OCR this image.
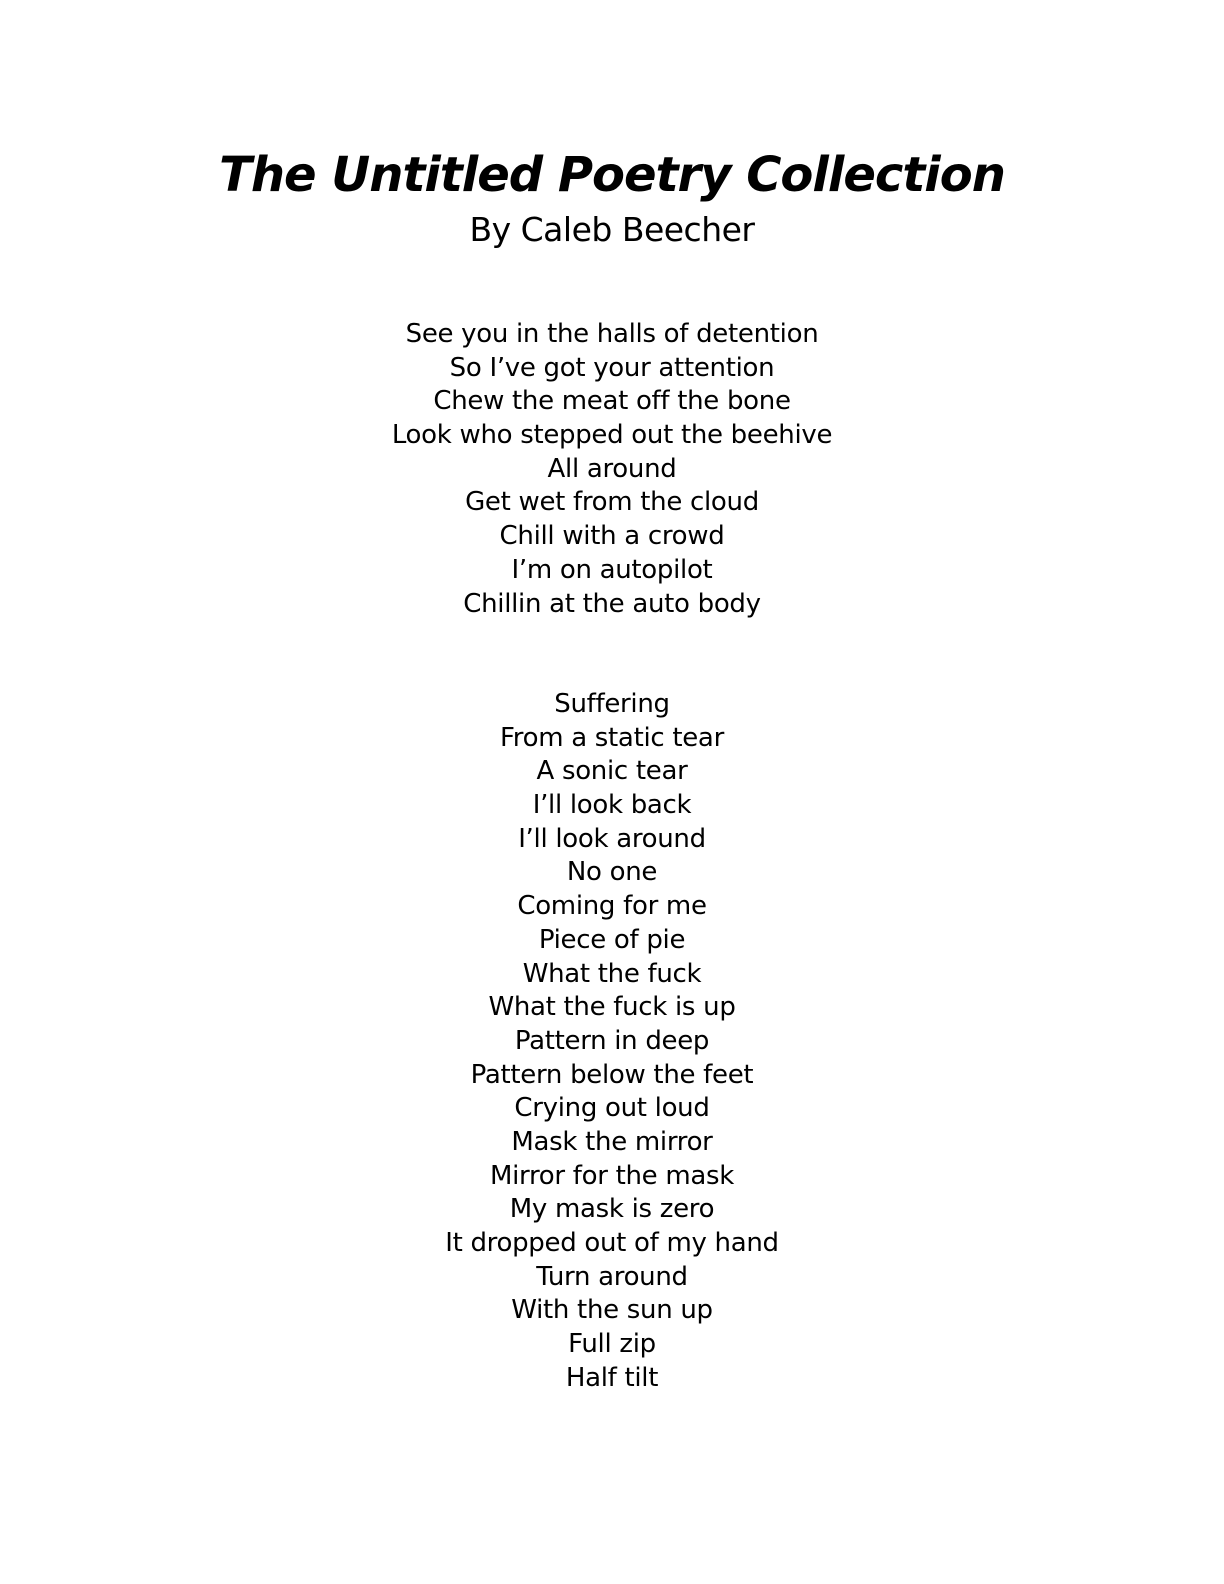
The Untitled Poetry Collection

By Caleb Beecher

See you in the halls of detention
So I’ve got your attention
Chew the meat off the bone
Look who stepped out the beehive
All around
Get wet from the cloud
Chill with a crowd
I’m on autopilot
Chillin at the auto body
Suffering
From a static tear
A sonic tear
I’ll look back
I’ll look around
No one
Coming for me
Piece of pie
What the fuck
What the fuck is up
Pattern in deep
Pattern below the feet
Crying out loud
Mask the mirror
Mirror for the mask
My mask is zero
It dropped out of my hand
Turn around
With the sun up
Full zip
Half tilt
